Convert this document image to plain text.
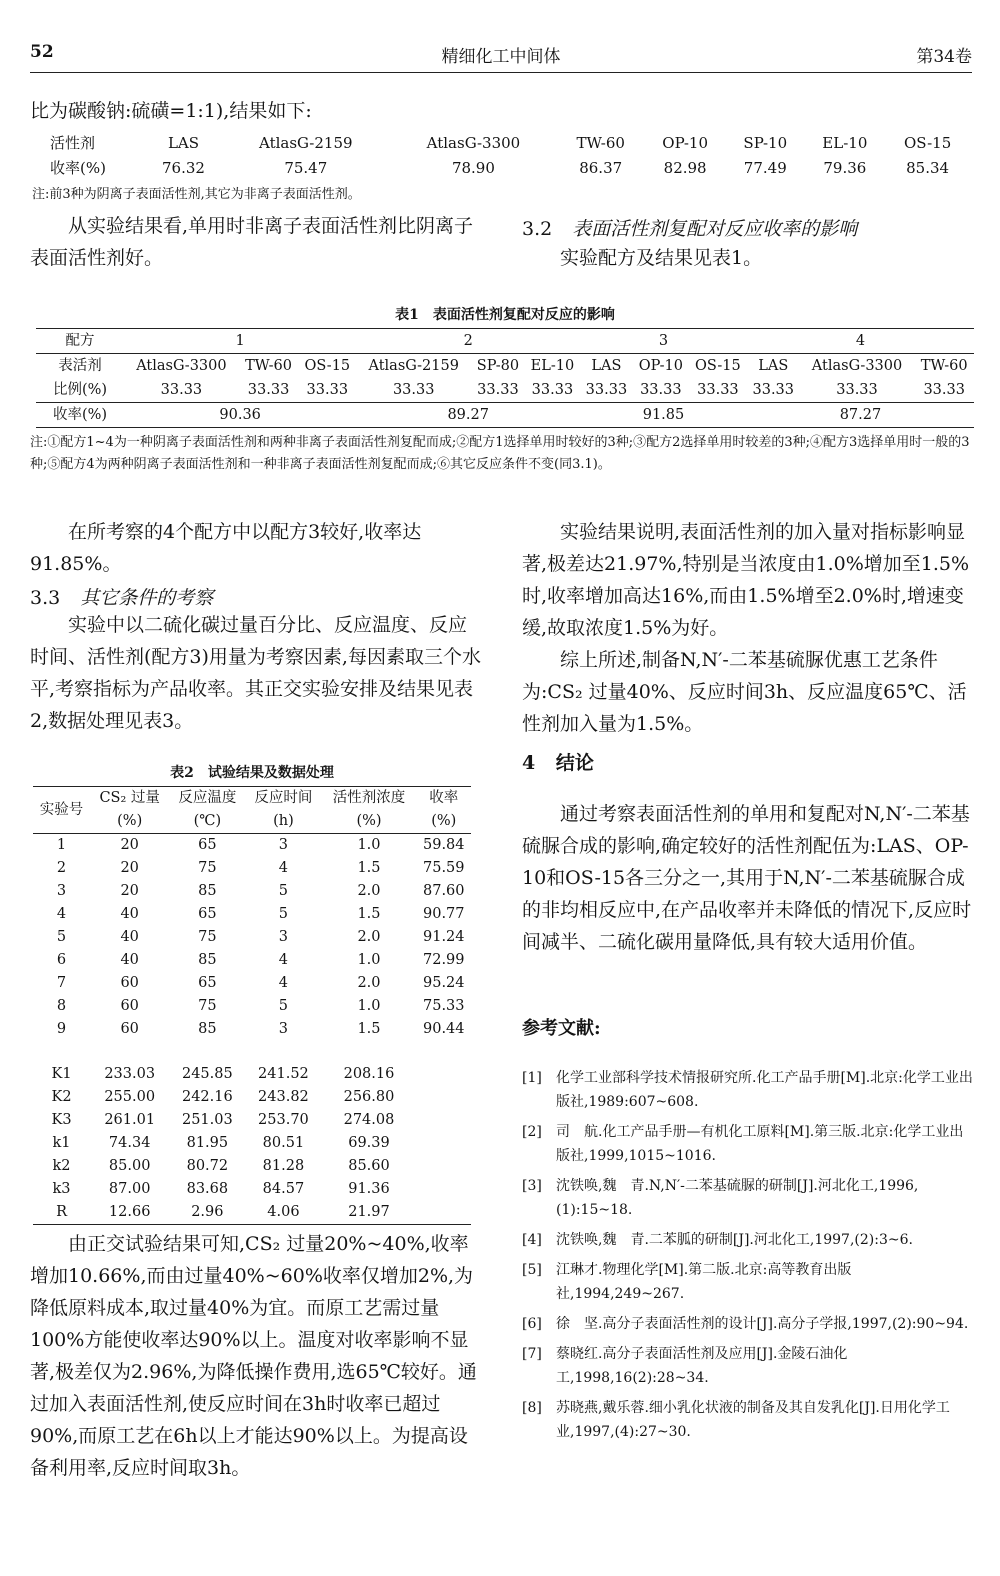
52	精细化工中间体	第34卷

比为碳酸钠:硫磺=1:1),结果如下:

活性剂	LAS	AtlasG-2159	AtlasG-3300	TW-60	OP-10	SP-10	EL-10	OS-15
收率(%)	76.32	75.47	78.90	86.37	82.98	77.49	79.36	85.34
注:前3种为阴离子表面活性剂,其它为非离子表面活性剂。

从实验结果看,单用时非离子表面活性剂比阴离子表面活性剂好。

3.2 表面活性剂复配对反应收率的影响

实验配方及结果见表1。

表1　表面活性剂复配对反应的影响
配方	1			2			3			4		
表活剂	AtlasG-3300	TW-60	OS-15	AtlasG-2159	SP-80	EL-10	LAS	OP-10	OS-15	LAS	AtlasG-3300	TW-60
比例(%)	33.33	33.33	33.33	33.33	33.33	33.33	33.33	33.33	33.33	33.33	33.33	33.33
收率(%)	90.36			89.27			91.85			87.27		
注:①配方1~4为一种阴离子表面活性剂和两种非离子表面活性剂复配而成;②配方1选择单用时较好的3种;③配方2选择单用时较差的3种;④配方3选择单用时一般的3种;⑤配方4为两种阴离子表面活性剂和一种非离子表面活性剂复配而成;⑥其它反应条件不变(同3.1)。

在所考察的4个配方中以配方3较好,收率达91.85%。

3.3 其它条件的考察

实验中以二硫化碳过量百分比、反应温度、反应时间、活性剂(配方3)用量为考察因素,每因素取三个水平,考察指标为产品收率。其正交实验安排及结果见表2,数据处理见表3。

表2　试验结果及数据处理
实验号	CS₂ 过量	反应温度	反应时间	活性剂浓度	收率
	(%)	(℃)	(h)	(%)	(%)
1	20	65	3	1.0	59.84
2	20	75	4	1.5	75.59
3	20	85	5	2.0	87.60
4	40	65	5	1.5	90.77
5	40	75	3	2.0	91.24
6	40	85	4	1.0	72.99
7	60	65	4	2.0	95.24
8	60	75	5	1.0	75.33
9	60	85	3	1.5	90.44

K1	233.03	245.85	241.52	208.16	
K2	255.00	242.16	243.82	256.80	
K3	261.01	251.03	253.70	274.08	
k1	74.34	81.95	80.51	69.39	
k2	85.00	80.72	81.28	85.60	
k3	87.00	83.68	84.57	91.36	
R	12.66	2.96	4.06	21.97	

由正交试验结果可知,CS₂ 过量20%~40%,收率增加10.66%,而由过量40%~60%收率仅增加2%,为降低原料成本,取过量40%为宜。而原工艺需过量100%方能使收率达90%以上。温度对收率影响不显著,极差仅为2.96%,为降低操作费用,选65℃较好。通过加入表面活性剂,使反应时间在3h时收率已超过90%,而原工艺在6h以上才能达90%以上。为提高设备利用率,反应时间取3h。

实验结果说明,表面活性剂的加入量对指标影响显著,极差达21.97%,特别是当浓度由1.0%增加至1.5%时,收率增加高达16%,而由1.5%增至2.0%时,增速变缓,故取浓度1.5%为好。

综上所述,制备N,N′-二苯基硫脲优惠工艺条件为:CS₂ 过量40%、反应时间3h、反应温度65℃、活性剂加入量为1.5%。

4 结论

通过考察表面活性剂的单用和复配对N,N′-二苯基硫脲合成的影响,确定较好的活性剂配伍为:LAS、OP-10和OS-15各三分之一,其用于N,N′-二苯基硫脲合成的非均相反应中,在产品收率并未降低的情况下,反应时间减半、二硫化碳用量降低,具有较大适用价值。

参考文献:
[1] 化学工业部科学技术情报研究所.化工产品手册[M].北京:化学工业出版社,1989:607~608.
[2] 司　航.化工产品手册—有机化工原料[M].第三版.北京:化学工业出版社,1999,1015~1016.
[3] 沈铁唤,魏　青.N,N′-二苯基硫脲的研制[J].河北化工,1996,(1):15~18.
[4] 沈铁唤,魏　青.二苯胍的研制[J].河北化工,1997,(2):3~6.
[5] 江琳才.物理化学[M].第二版.北京:高等教育出版社,1994,249~267.
[6] 徐　坚.高分子表面活性剂的设计[J].高分子学报,1997,(2):90~94.
[7] 蔡晓红.高分子表面活性剂及应用[J].金陵石油化工,1998,16(2):28~34.
[8] 苏晓燕,戴乐蓉.细小乳化状液的制备及其自发乳化[J].日用化学工业,1997,(4):27~30.
